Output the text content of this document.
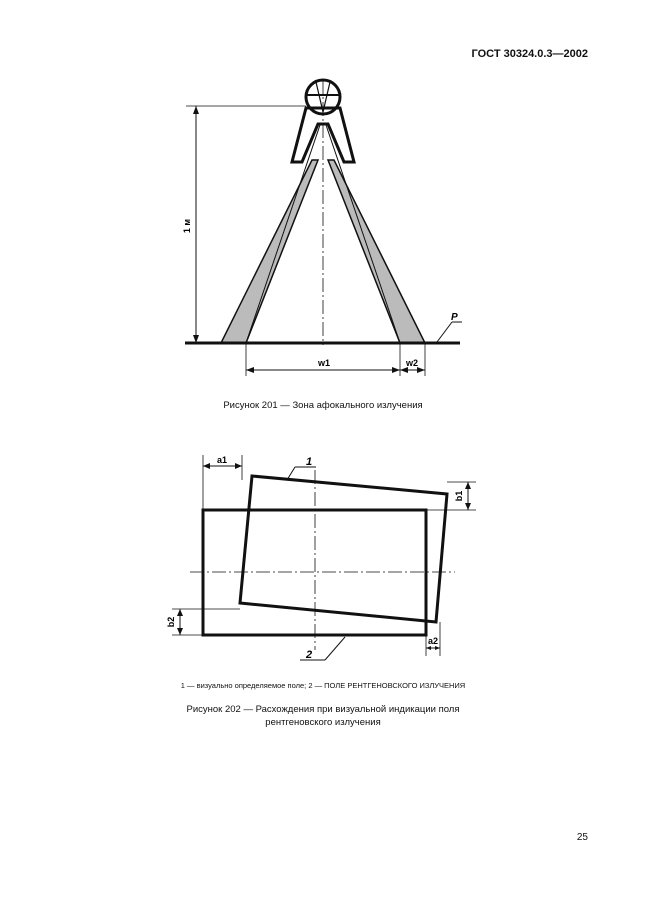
ГОСТ 30324.0.3—2002
1 м
w1	w2
P
Рисунок 201 — Зона афокального излучения
a1
b1
b2
a2
1
2
1 — визуально определяемое поле; 2 — ПОЛЕ РЕНТГЕНОВСКОГО ИЗЛУЧЕНИЯ
Рисунок 202 — Расхождения при визуальной индикации поля
рентгеновского излучения
25
